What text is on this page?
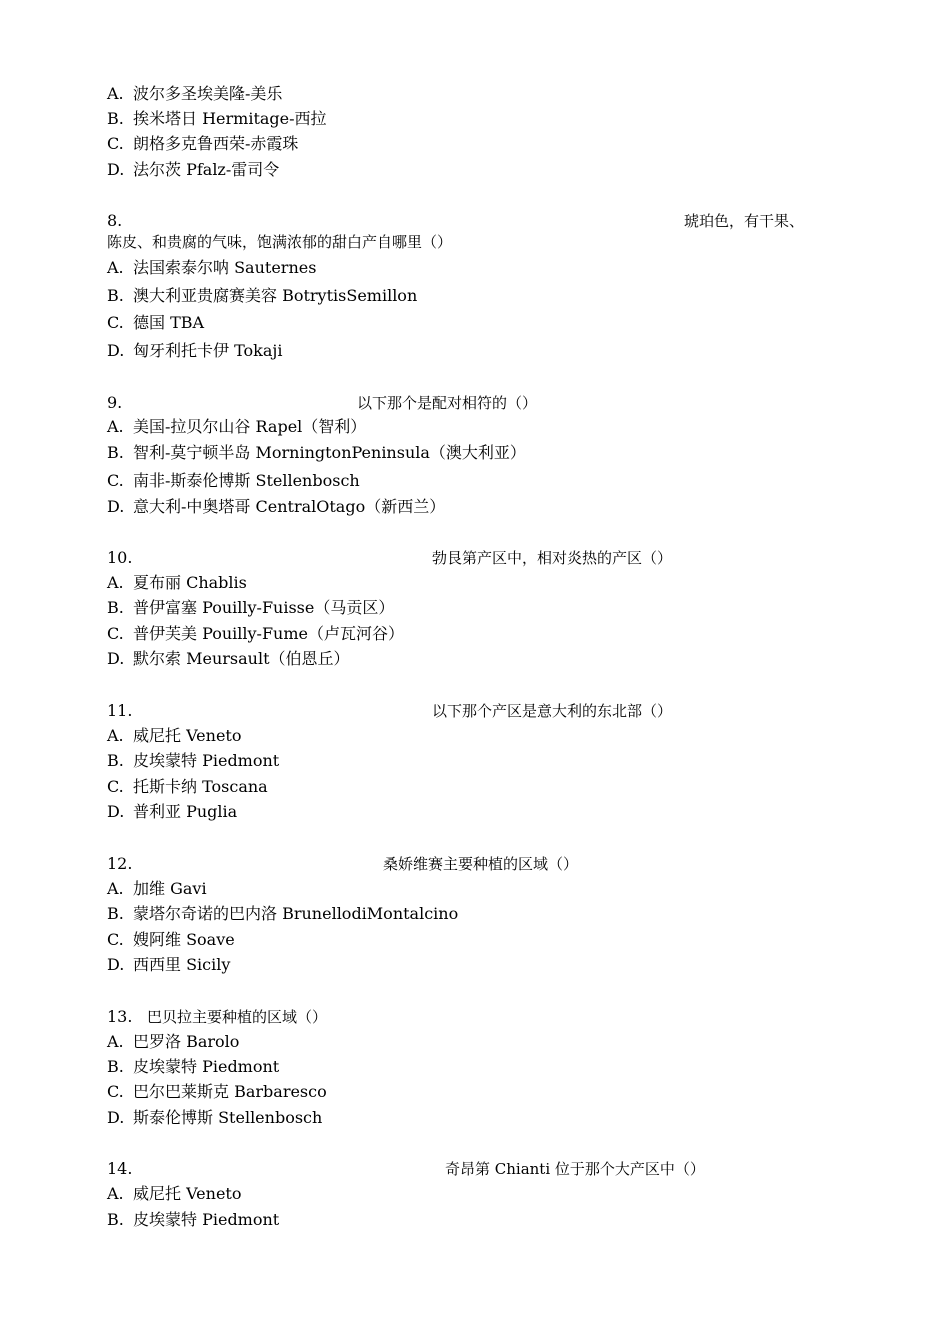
A. 波尔多圣埃美隆-美乐
B. 挨米塔日 Hermitage-西拉
C. 朗格多克鲁西荣-赤霞珠
D. 法尔茨 Pfalz-雷司令
8.	琥珀色，有干果、
陈皮、和贵腐的气味，饱满浓郁的甜白产自哪里（）
A. 法国索泰尔呐 Sauternes
B. 澳大利亚贵腐赛美容 BotrytisSemillon
C. 德国 TBA
D. 匈牙利托卡伊 Tokaji
9.	以下那个是配对相符的（）
A. 美国-拉贝尔山谷 Rapel（智利）
B. 智利-莫宁顿半岛 MorningtonPeninsula（澳大利亚）
C. 南非-斯泰伦博斯 Stellenbosch
D. 意大利-中奥塔哥 CentralOtago（新西兰）
10.	勃艮第产区中，相对炎热的产区（）
A. 夏布丽 Chablis
B. 普伊富塞 Pouilly-Fuisse（马贡区）
C. 普伊芙美 Pouilly-Fume（卢瓦河谷）
D. 默尔索 Meursault（伯恩丘）
11.	以下那个产区是意大利的东北部（）
A. 威尼托 Veneto
B. 皮埃蒙特 Piedmont
C. 托斯卡纳 Toscana
D. 普利亚 Puglia
12.	桑娇维赛主要种植的区域（）
A. 加维 Gavi
B. 蒙塔尔奇诺的巴内洛 BrunellodiMontalcino
C. 嫂阿维 Soave
D. 西西里 Sicily
13. 巴贝拉主要种植的区域（）
A. 巴罗洛 Barolo
B. 皮埃蒙特 Piedmont
C. 巴尔巴莱斯克 Barbaresco
D. 斯泰伦博斯 Stellenbosch
14.	奇昂第 Chianti 位于那个大产区中（）
A. 威尼托 Veneto
B. 皮埃蒙特 Piedmont
